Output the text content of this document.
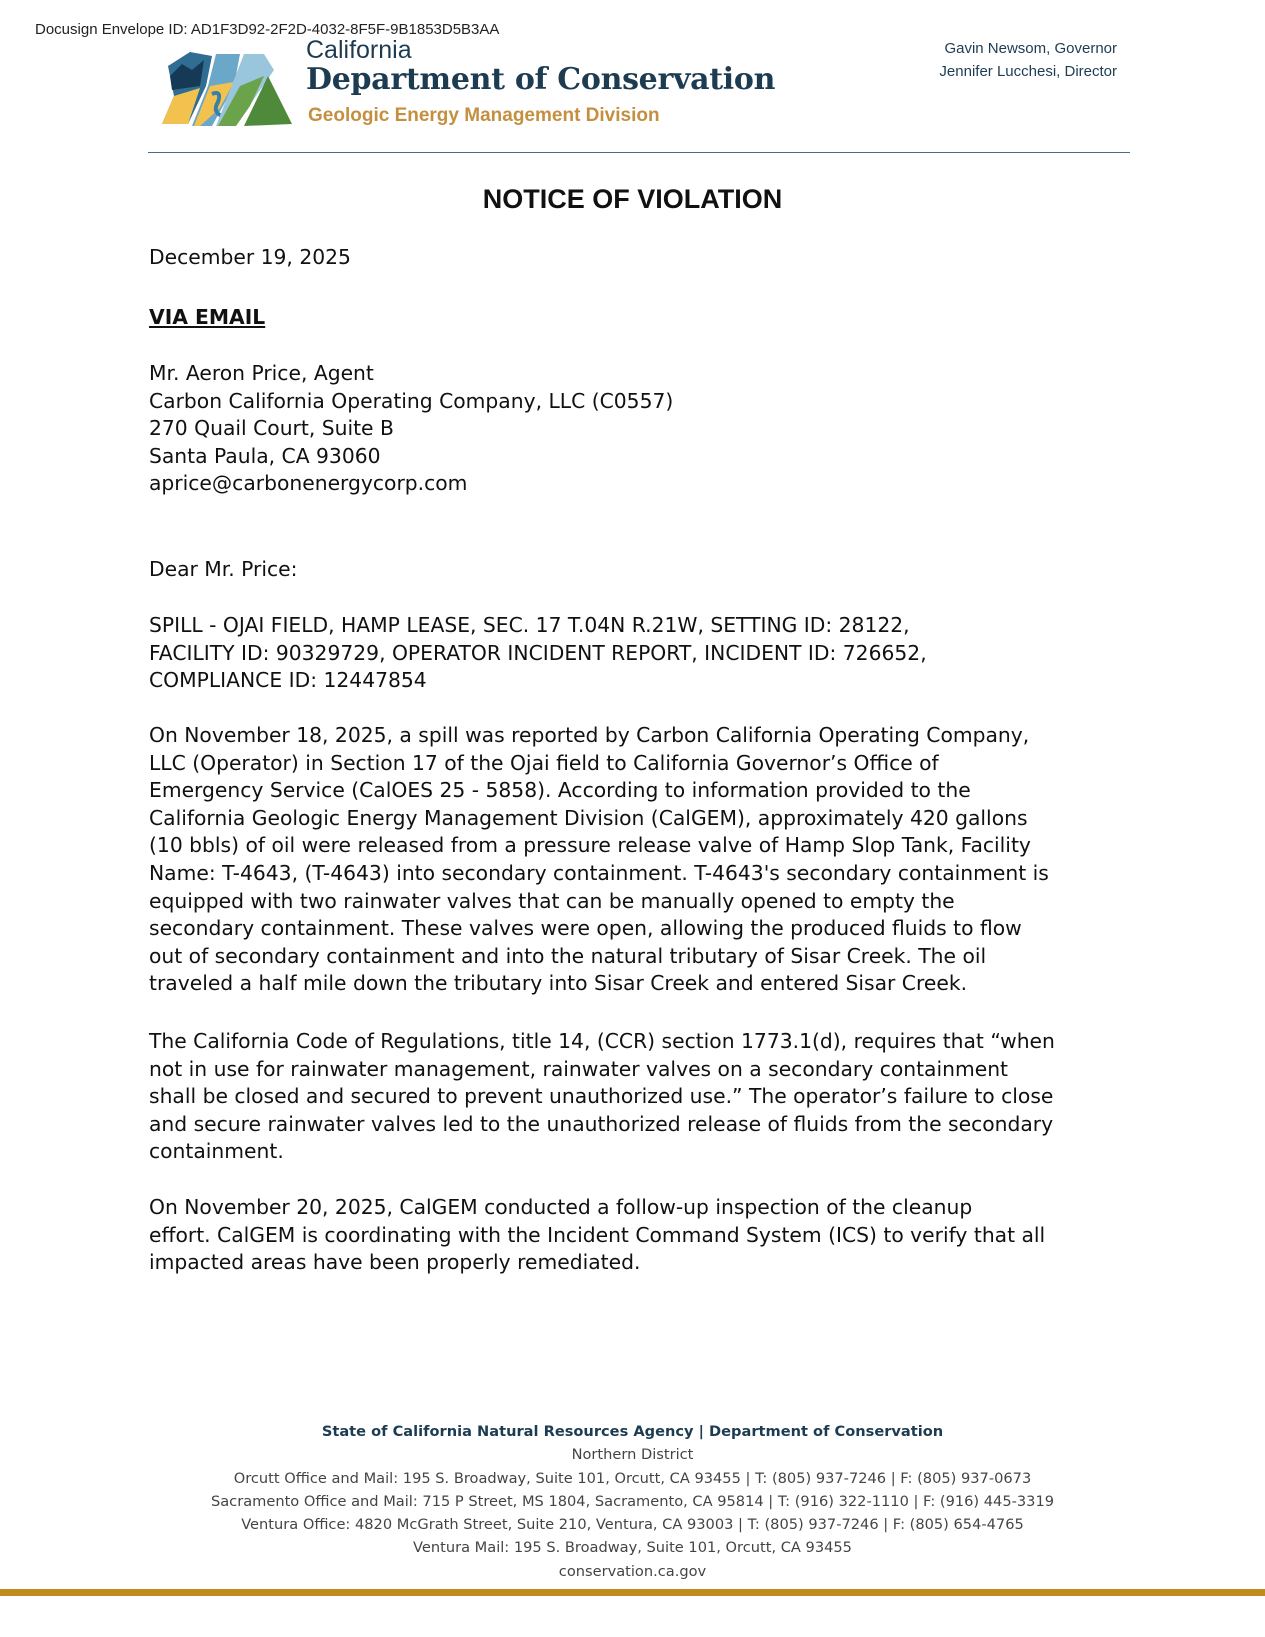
Docusign Envelope ID: AD1F3D92-2F2D-4032-8F5F-9B1853D5B3AA
California
Department of Conservation
Geologic Energy Management Division
Gavin Newsom, Governor
Jennifer Lucchesi, Director
NOTICE OF VIOLATION
December 19, 2025
VIA EMAIL
Mr. Aeron Price, Agent
Carbon California Operating Company, LLC (C0557)
270 Quail Court, Suite B
Santa Paula, CA 93060
aprice@carbonenergycorp.com
Dear Mr. Price:
SPILL - OJAI FIELD, HAMP LEASE, SEC. 17 T.04N R.21W, SETTING ID: 28122,
FACILITY ID: 90329729, OPERATOR INCIDENT REPORT, INCIDENT ID: 726652,
COMPLIANCE ID: 12447854
On November 18, 2025, a spill was reported by Carbon California Operating Company,
LLC (Operator) in Section 17 of the Ojai field to California Governor’s Office of
Emergency Service (CalOES 25 - 5858). According to information provided to the
California Geologic Energy Management Division (CalGEM), approximately 420 gallons
(10 bbls) of oil were released from a pressure release valve of Hamp Slop Tank, Facility
Name: T-4643, (T-4643) into secondary containment. T-4643's secondary containment is
equipped with two rainwater valves that can be manually opened to empty the
secondary containment. These valves were open, allowing the produced fluids to flow
out of secondary containment and into the natural tributary of Sisar Creek. The oil
traveled a half mile down the tributary into Sisar Creek and entered Sisar Creek.
The California Code of Regulations, title 14, (CCR) section 1773.1(d), requires that “when
not in use for rainwater management, rainwater valves on a secondary containment
shall be closed and secured to prevent unauthorized use.” The operator’s failure to close
and secure rainwater valves led to the unauthorized release of fluids from the secondary
containment.
On November 20, 2025, CalGEM conducted a follow-up inspection of the cleanup
effort. CalGEM is coordinating with the Incident Command System (ICS) to verify that all
impacted areas have been properly remediated.
State of California Natural Resources Agency | Department of Conservation
Northern District
Orcutt Office and Mail: 195 S. Broadway, Suite 101, Orcutt, CA 93455 | T: (805) 937-7246 | F: (805) 937-0673
Sacramento Office and Mail: 715 P Street, MS 1804, Sacramento, CA 95814 | T: (916) 322-1110 | F: (916) 445-3319
Ventura Office: 4820 McGrath Street, Suite 210, Ventura, CA 93003 | T: (805) 937-7246 | F: (805) 654-4765
Ventura Mail: 195 S. Broadway, Suite 101, Orcutt, CA 93455
conservation.ca.gov
